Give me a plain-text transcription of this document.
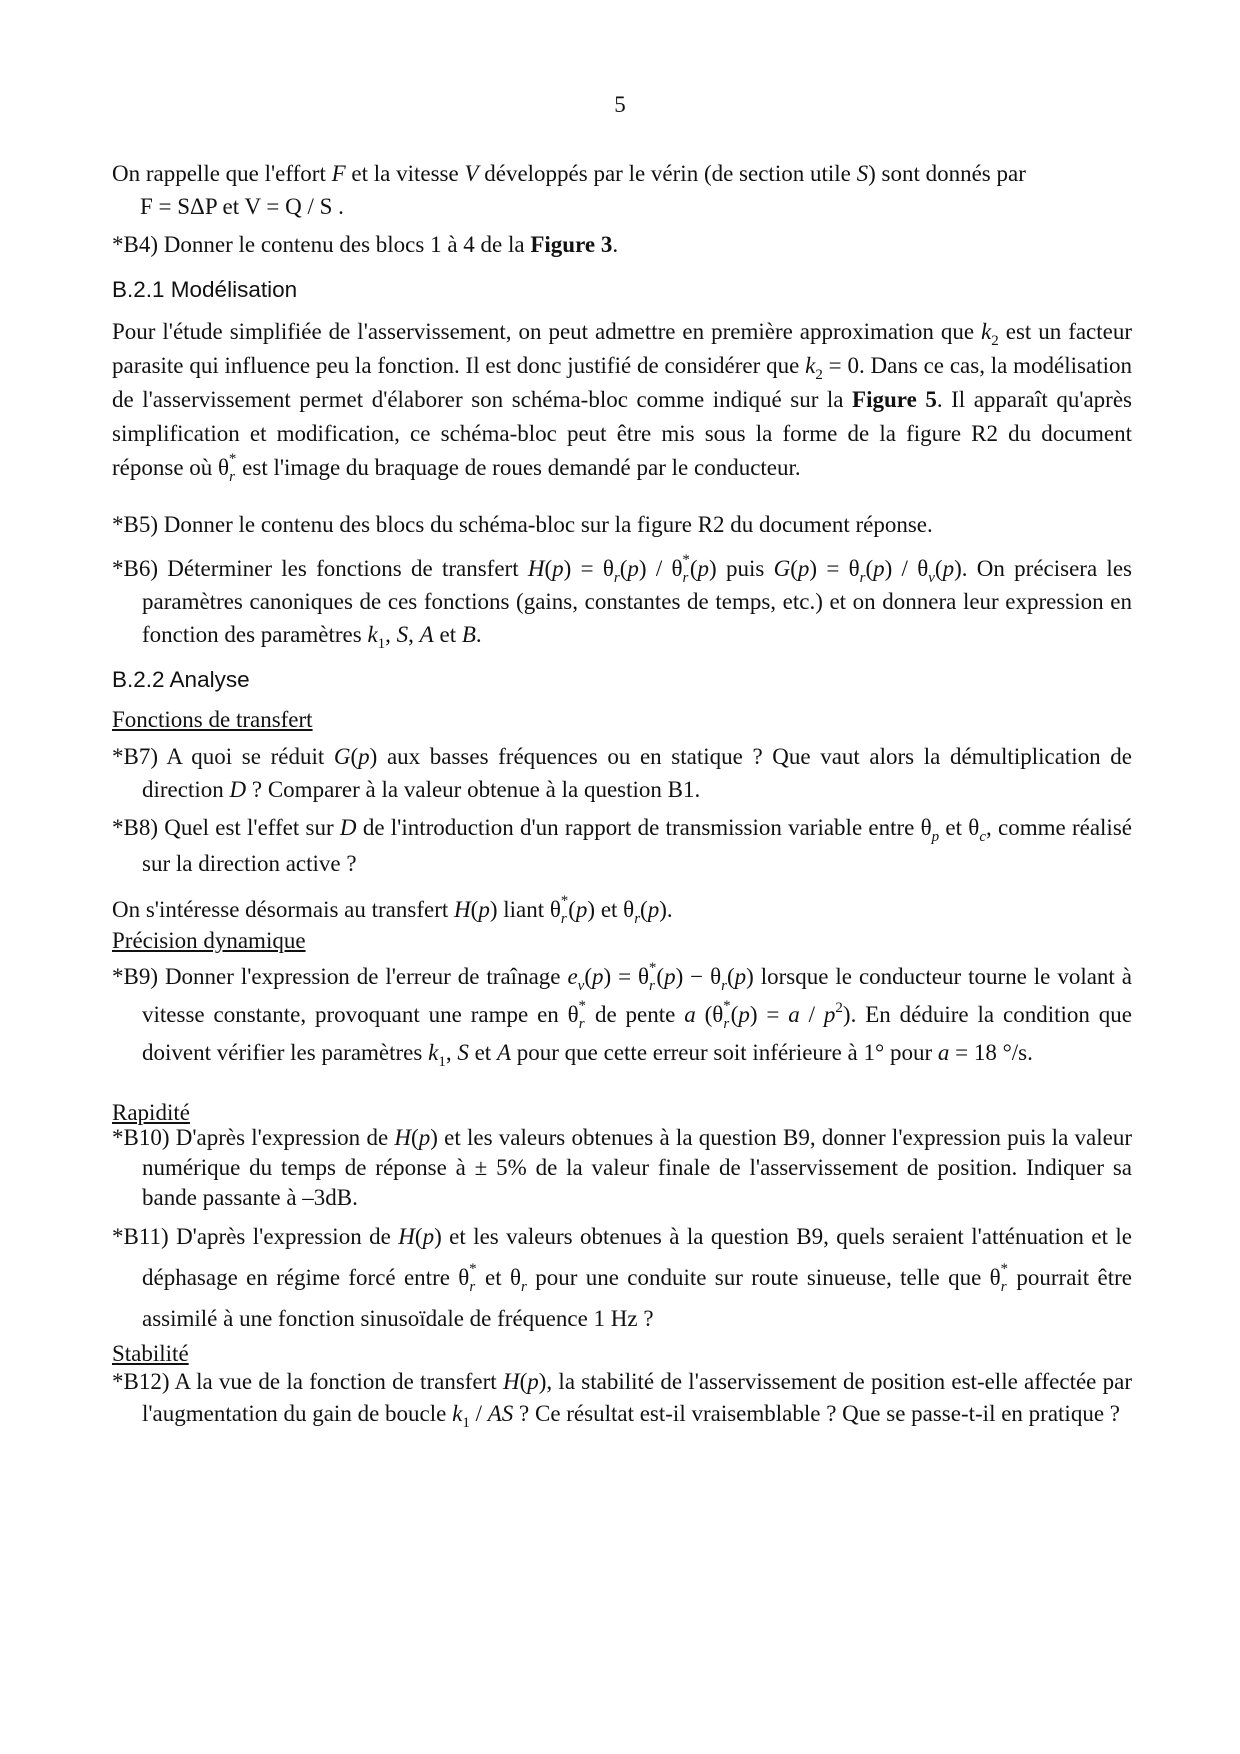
5
On rappelle que l'effort F et la vitesse V développés par le vérin (de section utile S) sont donnés par
F = SΔP et V = Q / S .
*B4) Donner le contenu des blocs 1 à 4 de la Figure 3.
B.2.1 Modélisation
Pour l'étude simplifiée de l'asservissement, on peut admettre en première approximation que $k_2$ est un facteur parasite qui influence peu la fonction. Il est donc justifié de considérer que $k_2 = 0$. Dans ce cas, la modélisation de l'asservissement permet d'élaborer son schéma-bloc comme indiqué sur la Figure 5. Il apparaît qu'après simplification et modification, ce schéma-bloc peut être mis sous la forme de la figure R2 du document réponse où $\theta_r^*$ est l'image du braquage de roues demandé par le conducteur.
*B5) Donner le contenu des blocs du schéma-bloc sur la figure R2 du document réponse.
*B6) Déterminer les fonctions de transfert $H(p) = \theta_r(p) / \theta_r^*(p)$ puis $G(p) = \theta_r(p) / \theta_v(p)$. On précisera les paramètres canoniques de ces fonctions (gains, constantes de temps, etc.) et on donnera leur expression en fonction des paramètres $k_1$, S, A et B.
B.2.2 Analyse
Fonctions de transfert
*B7) A quoi se réduit G(p) aux basses fréquences ou en statique ? Que vaut alors la démultiplication de direction D ? Comparer à la valeur obtenue à la question B1.
*B8) Quel est l'effet sur D de l'introduction d'un rapport de transmission variable entre $\theta_p$ et $\theta_c$, comme réalisé sur la direction active ?
On s'intéresse désormais au transfert H(p) liant $\theta_r^*(p)$ et $\theta_r(p)$.
Précision dynamique
*B9) Donner l'expression de l'erreur de traînage $e_v(p) = \theta_r^*(p) - \theta_r(p)$ lorsque le conducteur tourne le volant à vitesse constante, provoquant une rampe en $\theta_r^*$ de pente a $(\theta_r^*(p) = a / p^2)$. En déduire la condition que doivent vérifier les paramètres $k_1$, S et A pour que cette erreur soit inférieure à 1° pour a = 18 °/s.
Rapidité
*B10) D'après l'expression de H(p) et les valeurs obtenues à la question B9, donner l'expression puis la valeur numérique du temps de réponse à ± 5% de la valeur finale de l'asservissement de position. Indiquer sa bande passante à –3dB.
*B11) D'après l'expression de H(p) et les valeurs obtenues à la question B9, quels seraient l'atténuation et le déphasage en régime forcé entre $\theta_r^*$ et $\theta_r$ pour une conduite sur route sinueuse, telle que $\theta_r^*$ pourrait être assimilé à une fonction sinusoïdale de fréquence 1 Hz ?
Stabilité
*B12) A la vue de la fonction de transfert H(p), la stabilité de l'asservissement de position est-elle affectée par l'augmentation du gain de boucle $k_1$ / AS ? Ce résultat est-il vraisemblable ? Que se passe-t-il en pratique ?
